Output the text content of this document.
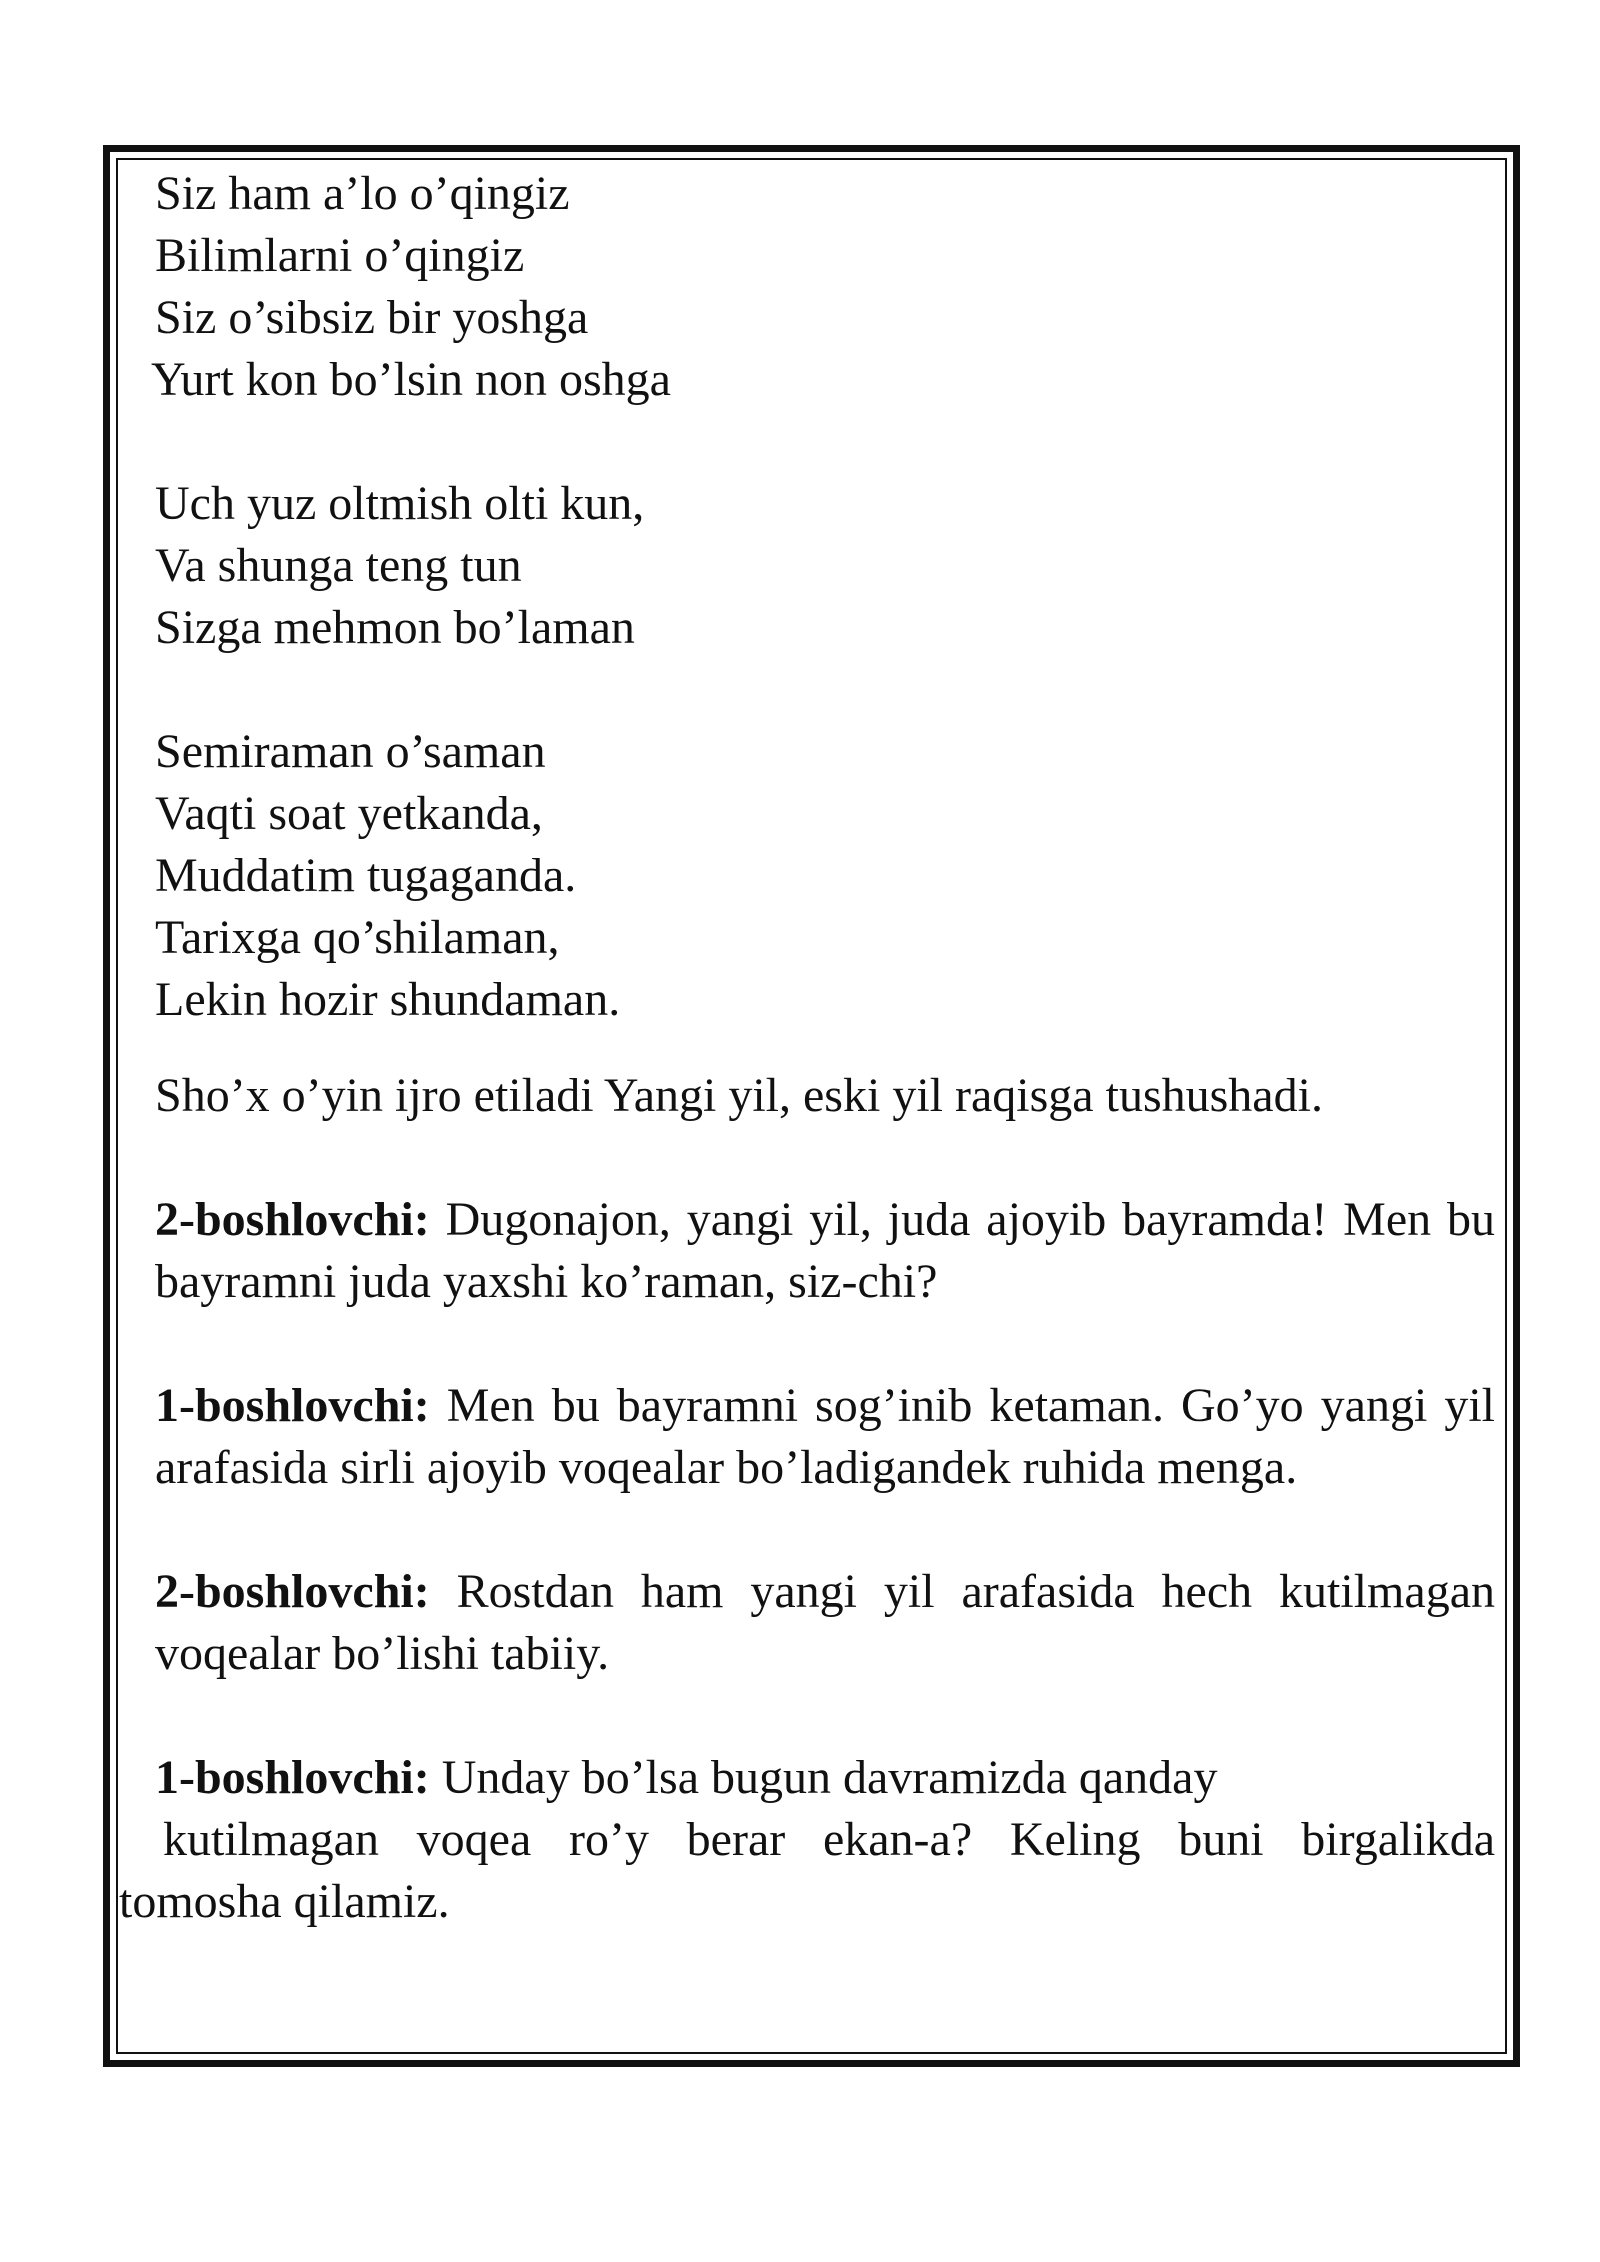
Siz ham a’lo o’qingiz
Bilimlarni o’qingiz
Siz o’sibsiz bir yoshga
Yurt kon bo’lsin non oshga
Uch yuz oltmish olti kun,
Va shunga teng tun
Sizga mehmon bo’laman
Semiraman o’saman
Vaqti soat yetkanda,
Muddatim tugaganda.
Tarixga qo’shilaman,
Lekin hozir shundaman.

Sho’x o’yin ijro etiladi Yangi yil, eski yil raqisga tushushadi.

2-boshlovchi: Dugonajon, yangi yil, juda ajoyib bayramda! Men bu bayramni juda yaxshi ko’raman, siz-chi?

1-boshlovchi: Men bu bayramni sog’inib ketaman. Go’yo yangi yil arafasida sirli ajoyib voqealar bo’ladigandek ruhida menga.

2-boshlovchi: Rostdan ham yangi yil arafasida hech kutilmagan voqealar bo’lishi tabiiy.

1-boshlovchi: Unday bo’lsa bugun davramizda qanday
kutilmagan voqea ro’y berar ekan-a? Keling buni birgalikda
tomosha qilamiz.
